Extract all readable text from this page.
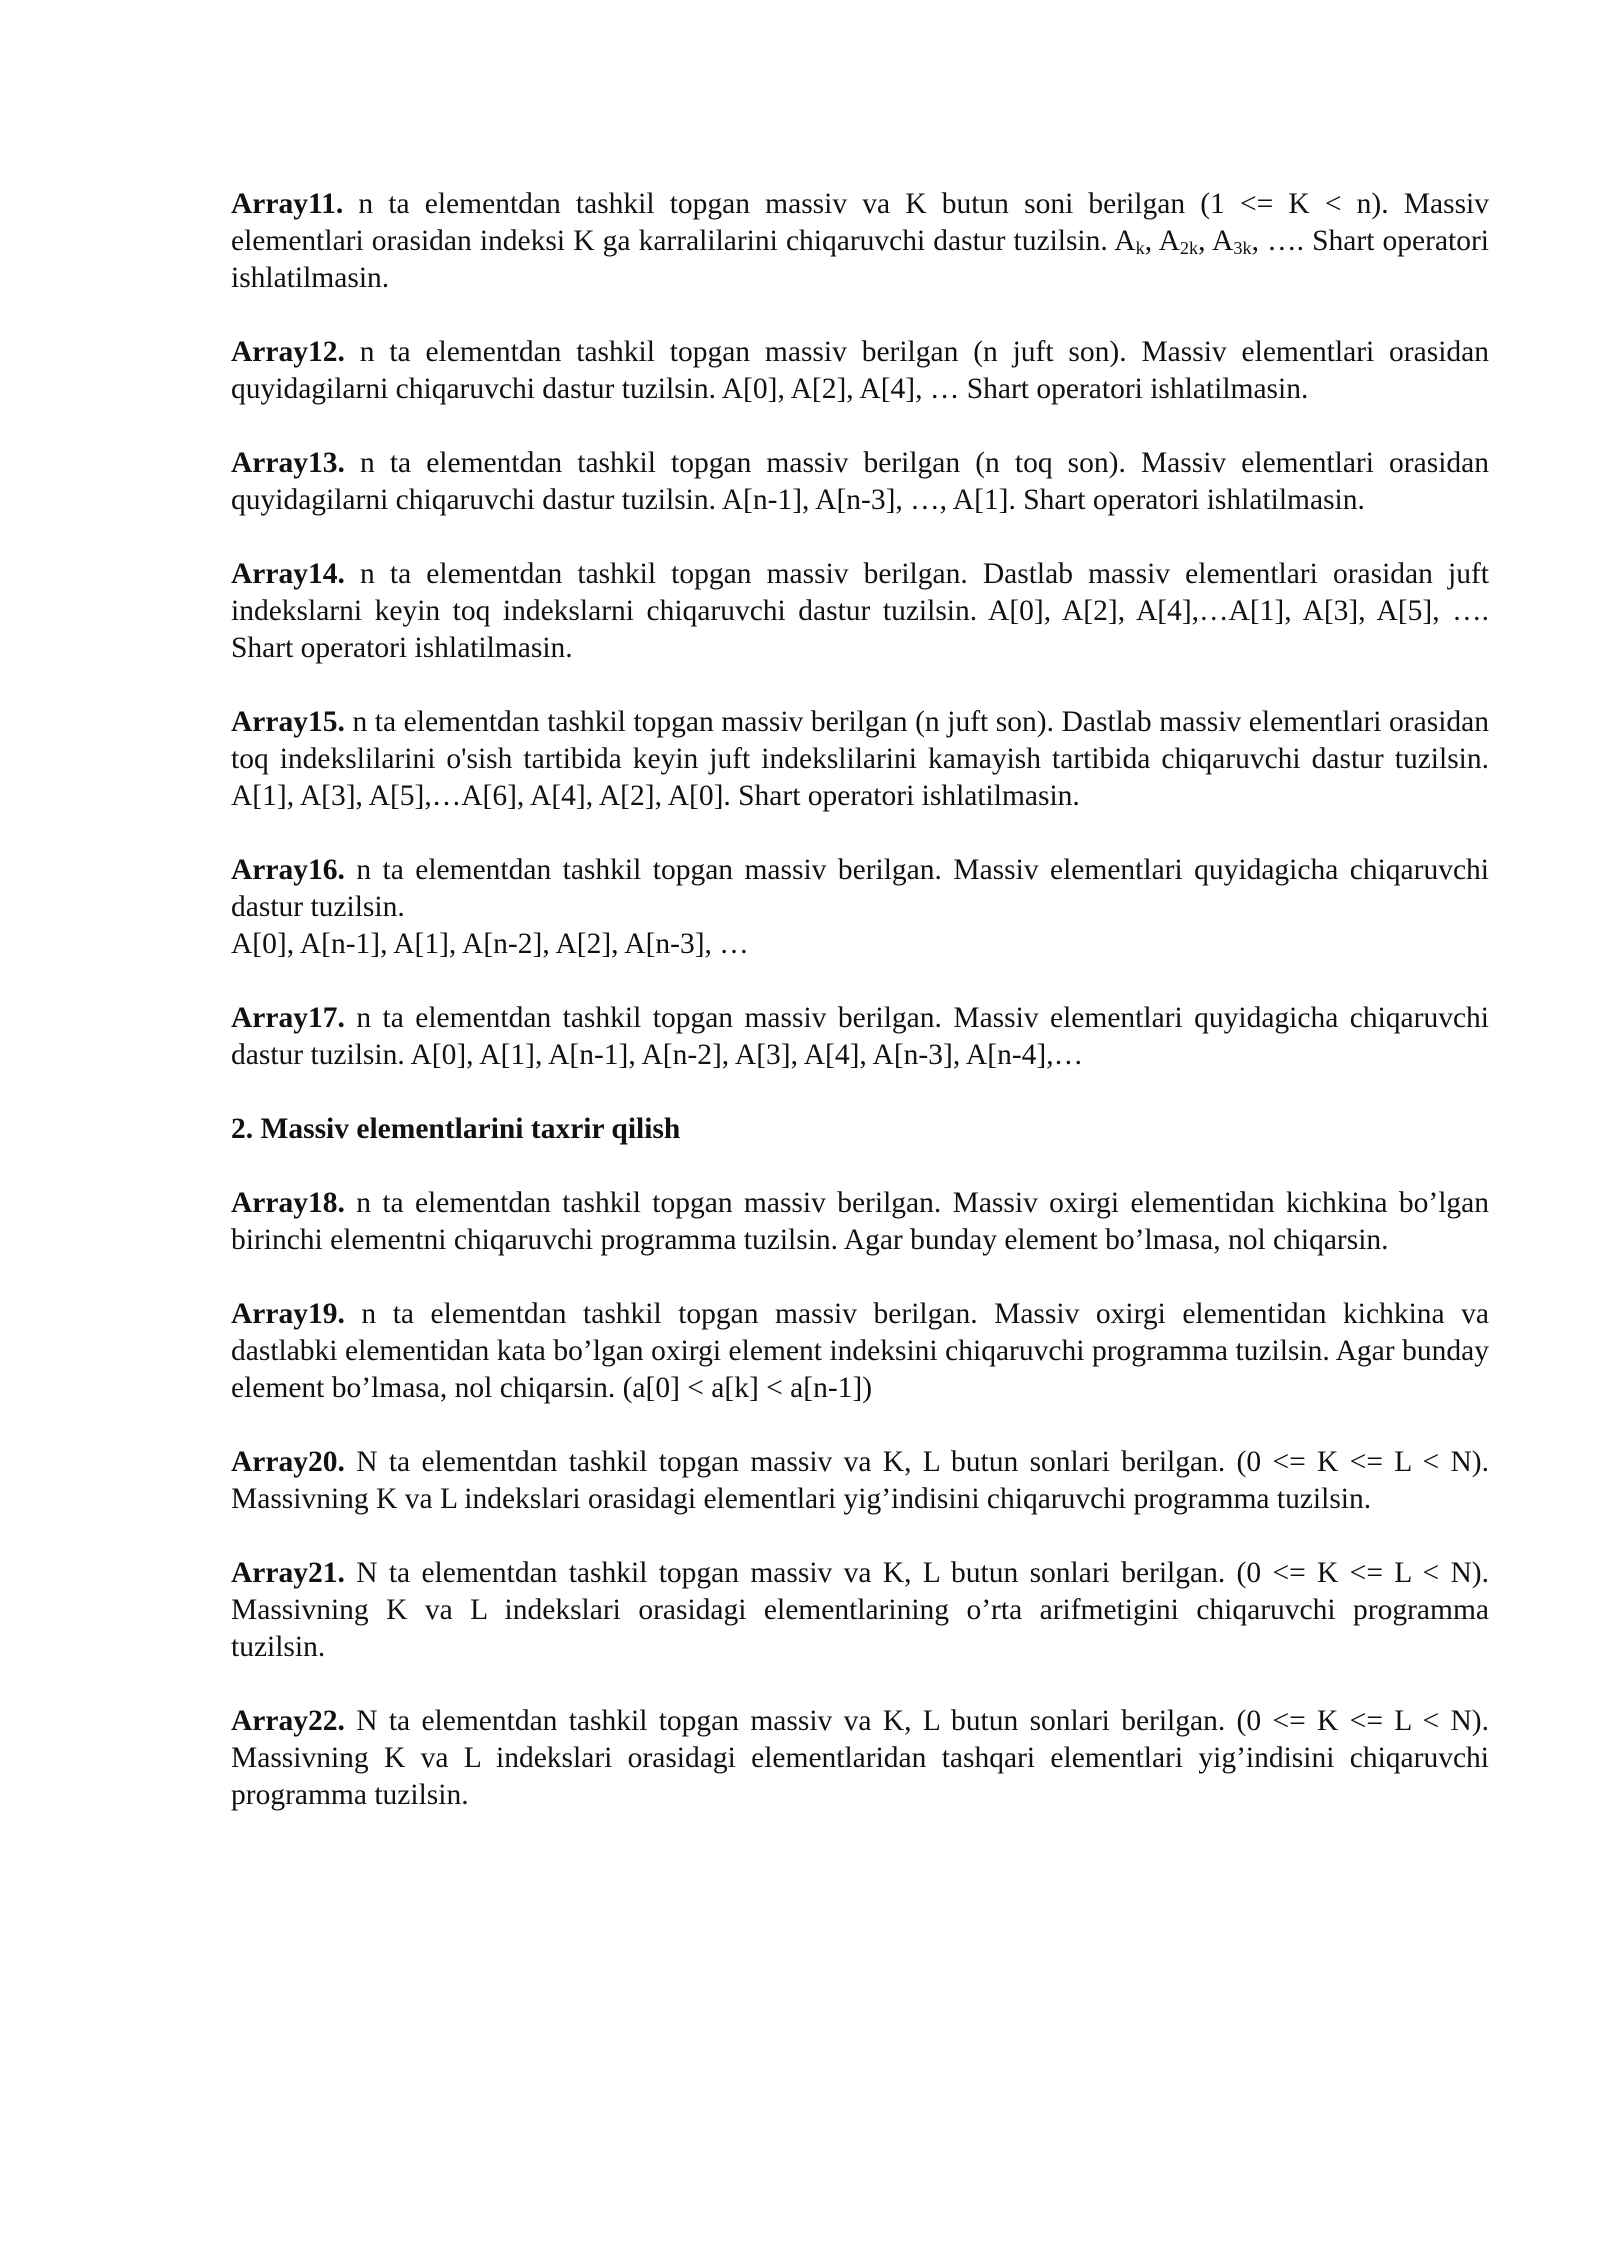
Array11. n ta elementdan tashkil topgan massiv va K butun soni berilgan (1 <= K < n). Massiv elementlari orasidan indeksi K ga karralilarini chiqaruvchi dastur tuzilsin. $A_k$, $A_{2k}$, $A_{3k}$, …. Shart operatori ishlatilmasin.

Array12. n ta elementdan tashkil topgan massiv berilgan (n juft son). Massiv elementlari orasidan quyidagilarni chiqaruvchi dastur tuzilsin. A[0], A[2], A[4], … Shart operatori ishlatilmasin.

Array13. n ta elementdan tashkil topgan massiv berilgan (n toq son). Massiv elementlari orasidan quyidagilarni chiqaruvchi dastur tuzilsin. A[n-1], A[n-3], …, A[1]. Shart operatori ishlatilmasin.

Array14. n ta elementdan tashkil topgan massiv berilgan. Dastlab massiv elementlari orasidan juft indekslarni keyin toq indekslarni chiqaruvchi dastur tuzilsin. A[0], A[2], A[4],…A[1], A[3], A[5], …. Shart operatori ishlatilmasin.

Array15. n ta elementdan tashkil topgan massiv berilgan (n juft son). Dastlab massiv elementlari orasidan toq indekslilarini o'sish tartibida keyin juft indekslilarini kamayish tartibida chiqaruvchi dastur tuzilsin. A[1], A[3], A[5],…A[6], A[4], A[2], A[0]. Shart operatori ishlatilmasin.

Array16. n ta elementdan tashkil topgan massiv berilgan. Massiv elementlari quyidagicha chiqaruvchi dastur tuzilsin.
A[0], A[n-1], A[1], A[n-2], A[2], A[n-3], …

Array17. n ta elementdan tashkil topgan massiv berilgan. Massiv elementlari quyidagicha chiqaruvchi dastur tuzilsin. A[0], A[1], A[n-1], A[n-2], A[3], A[4], A[n-3], A[n-4],…

2. Massiv elementlarini taxrir qilish

Array18. n ta elementdan tashkil topgan massiv berilgan. Massiv oxirgi elementidan kichkina bo’lgan birinchi elementni chiqaruvchi programma tuzilsin. Agar bunday element bo’lmasa, nol chiqarsin.

Array19. n ta elementdan tashkil topgan massiv berilgan. Massiv oxirgi elementidan kichkina va dastlabki elementidan kata bo’lgan oxirgi element indeksini chiqaruvchi programma tuzilsin. Agar bunday element bo’lmasa, nol chiqarsin. (a[0] < a[k] < a[n-1])

Array20. N ta elementdan tashkil topgan massiv va K, L butun sonlari berilgan. (0 <= K <= L < N). Massivning K va L indekslari orasidagi elementlari yig’indisini chiqaruvchi programma tuzilsin.

Array21. N ta elementdan tashkil topgan massiv va K, L butun sonlari berilgan. (0 <= K <= L < N). Massivning K va L indekslari orasidagi elementlarining o’rta arifmetigini chiqaruvchi programma tuzilsin.

Array22. N ta elementdan tashkil topgan massiv va K, L butun sonlari berilgan. (0 <= K <= L < N). Massivning K va L indekslari orasidagi elementlaridan tashqari elementlari yig’indisini chiqaruvchi programma tuzilsin.
